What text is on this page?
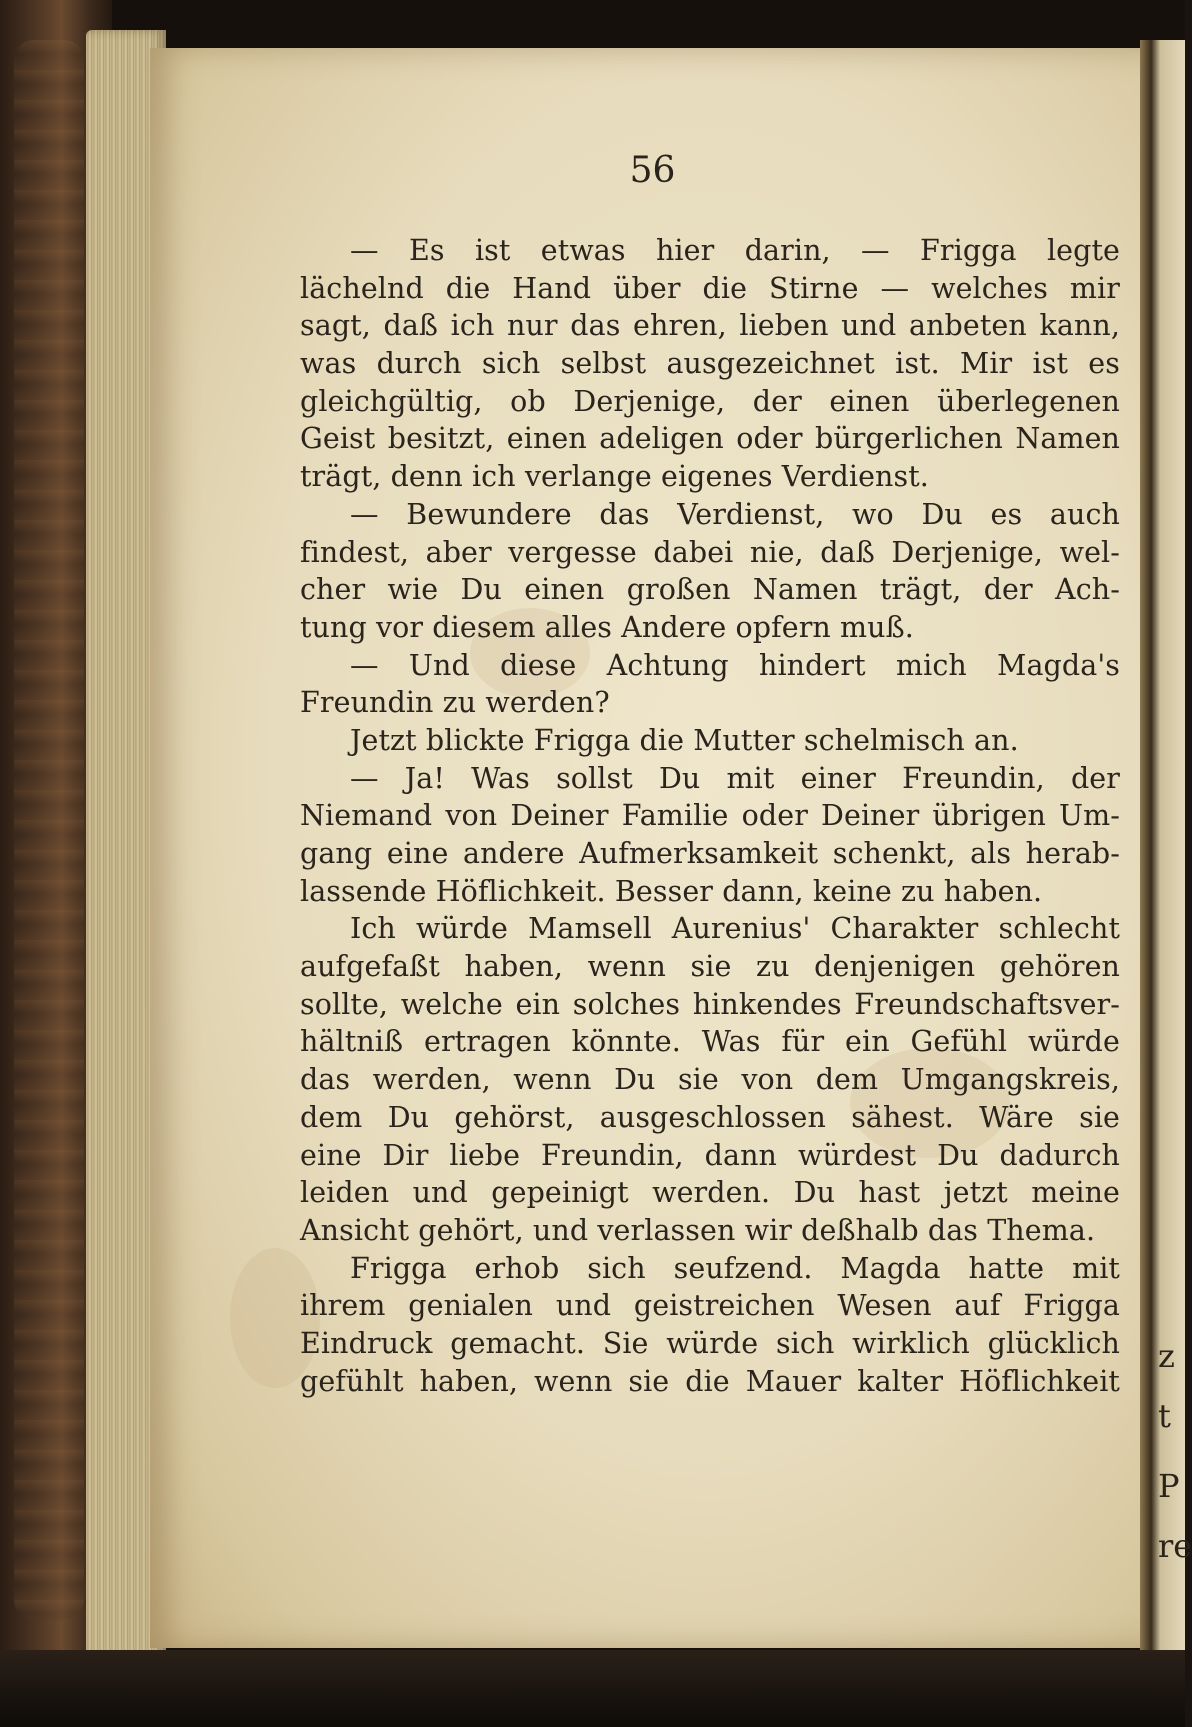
z
t
P
re
56
— Es ist etwas hier darin, — Frigga legte
lächelnd die Hand über die Stirne — welches mir
sagt, daß ich nur das ehren, lieben und anbeten kann,
was durch sich selbst ausgezeichnet ist. Mir ist es
gleichgültig, ob Derjenige, der einen überlegenen
Geist besitzt, einen adeligen oder bürgerlichen Namen
trägt, denn ich verlange eigenes Verdienst.
— Bewundere das Verdienst, wo Du es auch
findest, aber vergesse dabei nie, daß Derjenige, wel-
cher wie Du einen großen Namen trägt, der Ach-
tung vor diesem alles Andere opfern muß.
— Und diese Achtung hindert mich Magda's
Freundin zu werden?
Jetzt blickte Frigga die Mutter schelmisch an.
— Ja! Was sollst Du mit einer Freundin, der
Niemand von Deiner Familie oder Deiner übrigen Um-
gang eine andere Aufmerksamkeit schenkt, als herab-
lassende Höflichkeit. Besser dann, keine zu haben.
Ich würde Mamsell Aurenius' Charakter schlecht
aufgefaßt haben, wenn sie zu denjenigen gehören
sollte, welche ein solches hinkendes Freundschaftsver-
hältniß ertragen könnte. Was für ein Gefühl würde
das werden, wenn Du sie von dem Umgangskreis,
dem Du gehörst, ausgeschlossen sähest. Wäre sie
eine Dir liebe Freundin, dann würdest Du dadurch
leiden und gepeinigt werden. Du hast jetzt meine
Ansicht gehört, und verlassen wir deßhalb das Thema.
Frigga erhob sich seufzend. Magda hatte mit
ihrem genialen und geistreichen Wesen auf Frigga
Eindruck gemacht. Sie würde sich wirklich glücklich
gefühlt haben, wenn sie die Mauer kalter Höflichkeit
